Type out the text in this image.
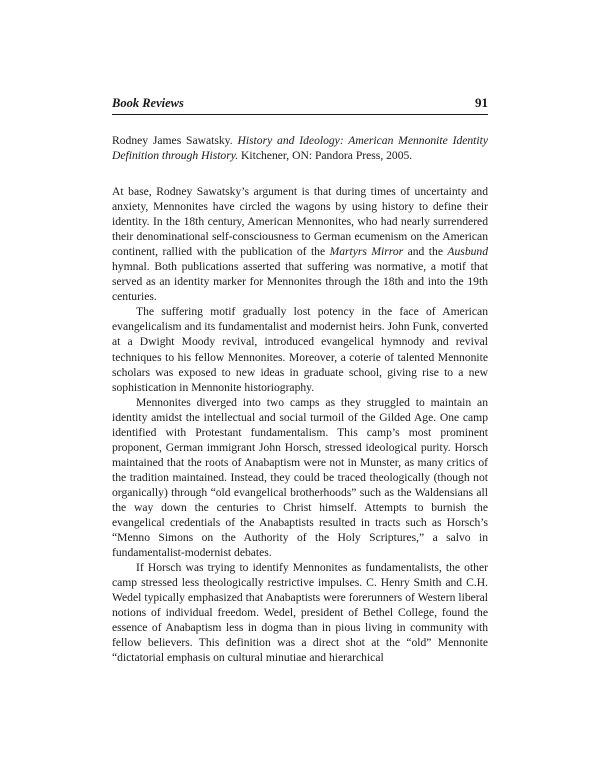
Book Reviews	91
Rodney James Sawatsky. History and Ideology: American Mennonite Identity Definition through History. Kitchener, ON: Pandora Press, 2005.

At base, Rodney Sawatsky’s argument is that during times of uncertainty and anxiety, Mennonites have circled the wagons by using history to define their identity. In the 18th century, American Mennonites, who had nearly surrendered their denominational self-consciousness to German ecumenism on the American continent, rallied with the publication of the Martyrs Mirror and the Ausbund hymnal. Both publications asserted that suffering was normative, a motif that served as an identity marker for Mennonites through the 18th and into the 19th centuries.

The suffering motif gradually lost potency in the face of American evangelicalism and its fundamentalist and modernist heirs. John Funk, converted at a Dwight Moody revival, introduced evangelical hymnody and revival techniques to his fellow Mennonites. Moreover, a coterie of talented Mennonite scholars was exposed to new ideas in graduate school, giving rise to a new sophistication in Mennonite historiography.

Mennonites diverged into two camps as they struggled to maintain an identity amidst the intellectual and social turmoil of the Gilded Age. One camp identified with Protestant fundamentalism. This camp’s most prominent proponent, German immigrant John Horsch, stressed ideological purity. Horsch maintained that the roots of Anabaptism were not in Munster, as many critics of the tradition maintained. Instead, they could be traced theologically (though not organically) through “old evangelical brotherhoods” such as the Waldensians all the way down the centuries to Christ himself. Attempts to burnish the evangelical credentials of the Anabaptists resulted in tracts such as Horsch’s “Menno Simons on the Authority of the Holy Scriptures,” a salvo in fundamentalist-modernist debates.

If Horsch was trying to identify Mennonites as fundamentalists, the other camp stressed less theologically restrictive impulses. C. Henry Smith and C.H. Wedel typically emphasized that Anabaptists were forerunners of Western liberal notions of individual freedom. Wedel, president of Bethel College, found the essence of Anabaptism less in dogma than in pious living in community with fellow believers. This definition was a direct shot at the “old” Mennonite “dictatorial emphasis on cultural minutiae and hierarchical
